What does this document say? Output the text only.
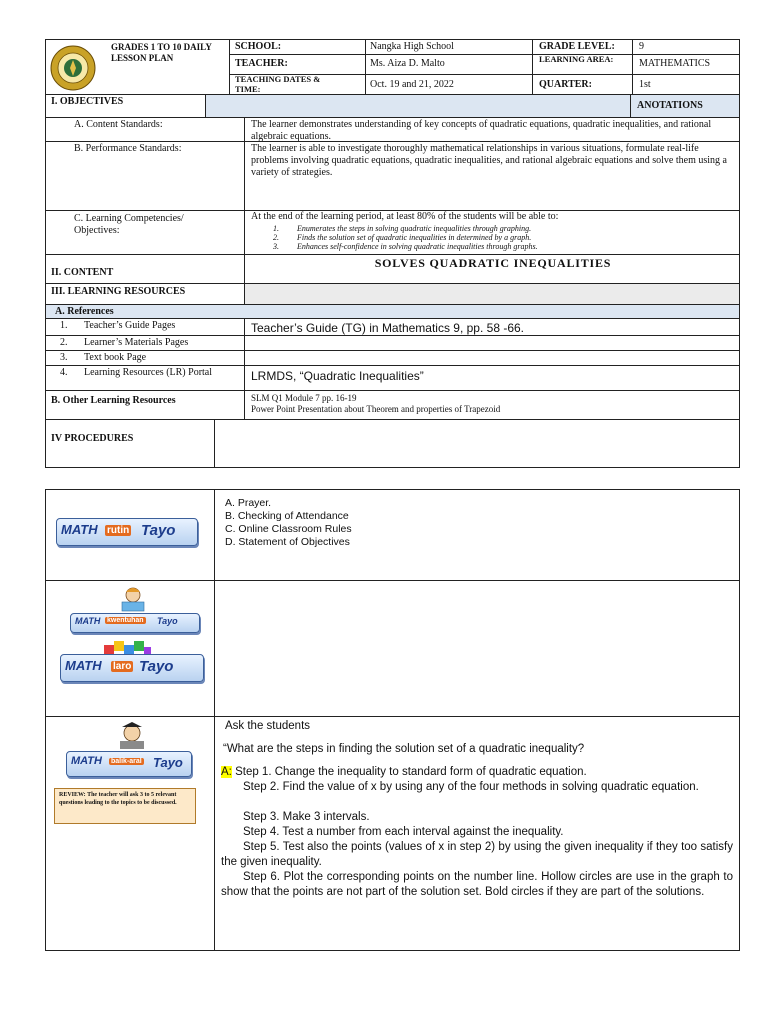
GRADES 1 TO 10 DAILY LESSON PLAN
SCHOOL:	Nangka High School	GRADE LEVEL: 9
TEACHER:	Ms. Aiza D. Malto	LEARNING AREA:	MATHEMATICS
TEACHING DATES & TIME:	Oct. 19 and 21, 2022	QUARTER:	1st
I. OBJECTIVES	ANOTATIONS
A. Content Standards:	The learner demonstrates understanding of key concepts of quadratic equations, quadratic inequalities, and rational algebraic equations.
B. Performance Standards:	The learner is able to investigate thoroughly mathematical relationships in various situations, formulate real-life problems involving quadratic equations, quadratic inequalities, and rational algebraic equations and solve them using a variety of strategies.
C. Learning Competencies/ Objectives:
At the end of the learning period, at least 80% of the students will be able to:
1. Enumerates the steps in solving quadratic inequalities through graphing.
2. Finds the solution set of quadratic inequalities in determined by a graph.
3. Enhances self-confidence in solving quadratic inequalities through graphs.
II. CONTENT
SOLVES QUADRATIC INEQUALITIES
III. LEARNING RESOURCES
A. References
1. Teacher’s Guide Pages	Teacher’s Guide (TG) in Mathematics 9, pp. 58 -66.
2. Learner’s Materials Pages
3. Text book Page
4. Learning Resources (LR) Portal	LRMDS, “Quadratic Inequalities”
B. Other Learning Resources	SLM Q1 Module 7 pp. 16-19
Power Point Presentation about Theorem and properties of Trapezoid
IV PROCEDURES
MATH rutin Tayo
A. Prayer.
B. Checking of Attendance
C. Online Classroom Rules
D. Statement of Objectives
MATH kwentuhan Tayo
MATH laro Tayo
MATH balik-aral Tayo
REVIEW: The teacher will ask 3 to 5 relevant questions leading to the topics to be discussed.
Ask the students
“What are the steps in finding the solution set of a quadratic inequality?
A: Step 1. Change the inequality to standard form of quadratic equation.
Step 2. Find the value of x by using any of the four methods in solving quadratic equation.
Step 3. Make 3 intervals.
Step 4. Test a number from each interval against the inequality.
Step 5. Test also the points (values of x in step 2) by using the given inequality if they too satisfy the given inequality.
Step 6. Plot the corresponding points on the number line. Hollow circles are use in the graph to show that the points are not part of the solution set. Bold circles if they are part of the solutions.
